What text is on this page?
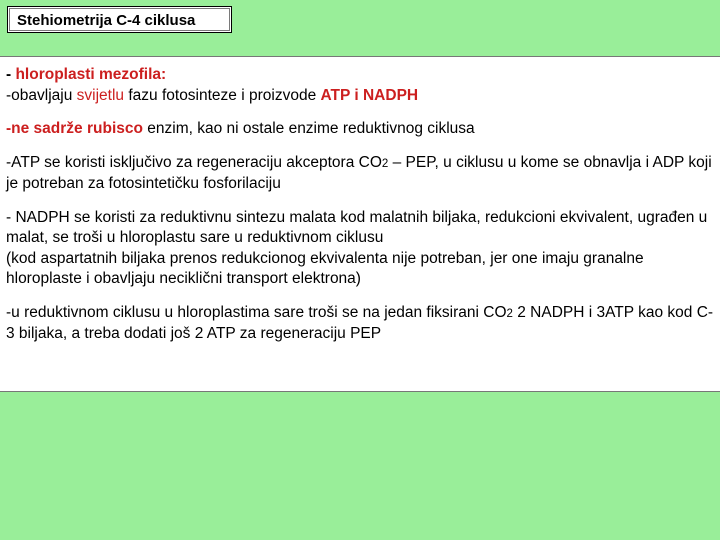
Stehiometrija C-4 ciklusa

- hloroplasti mezofila:
-obavljaju svijetlu fazu fotosinteze i proizvode ATP i NADPH

-ne sadrže rubisco enzim, kao ni ostale enzime reduktivnog ciklusa

-ATP se koristi isključivo za regeneraciju akceptora CO2 – PEP, u ciklusu u kome se obnavlja i ADP koji je potreban za fotosintetičku fosforilaciju

- NADPH se koristi za reduktivnu sintezu malata kod malatnih biljaka, redukcioni ekvivalent, ugrađen u malat, se troši u hloroplastu sare u reduktivnom ciklusu
(kod aspartatnih biljaka prenos redukcionog ekvivalenta nije potreban, jer one imaju granalne hloroplaste i obavljaju neciklični transport elektrona)

-u reduktivnom ciklusu u hloroplastima sare troši se na jedan fiksirani CO2 2 NADPH i 3ATP kao kod C-3 biljaka, a treba dodati još 2 ATP za regeneraciju PEP
